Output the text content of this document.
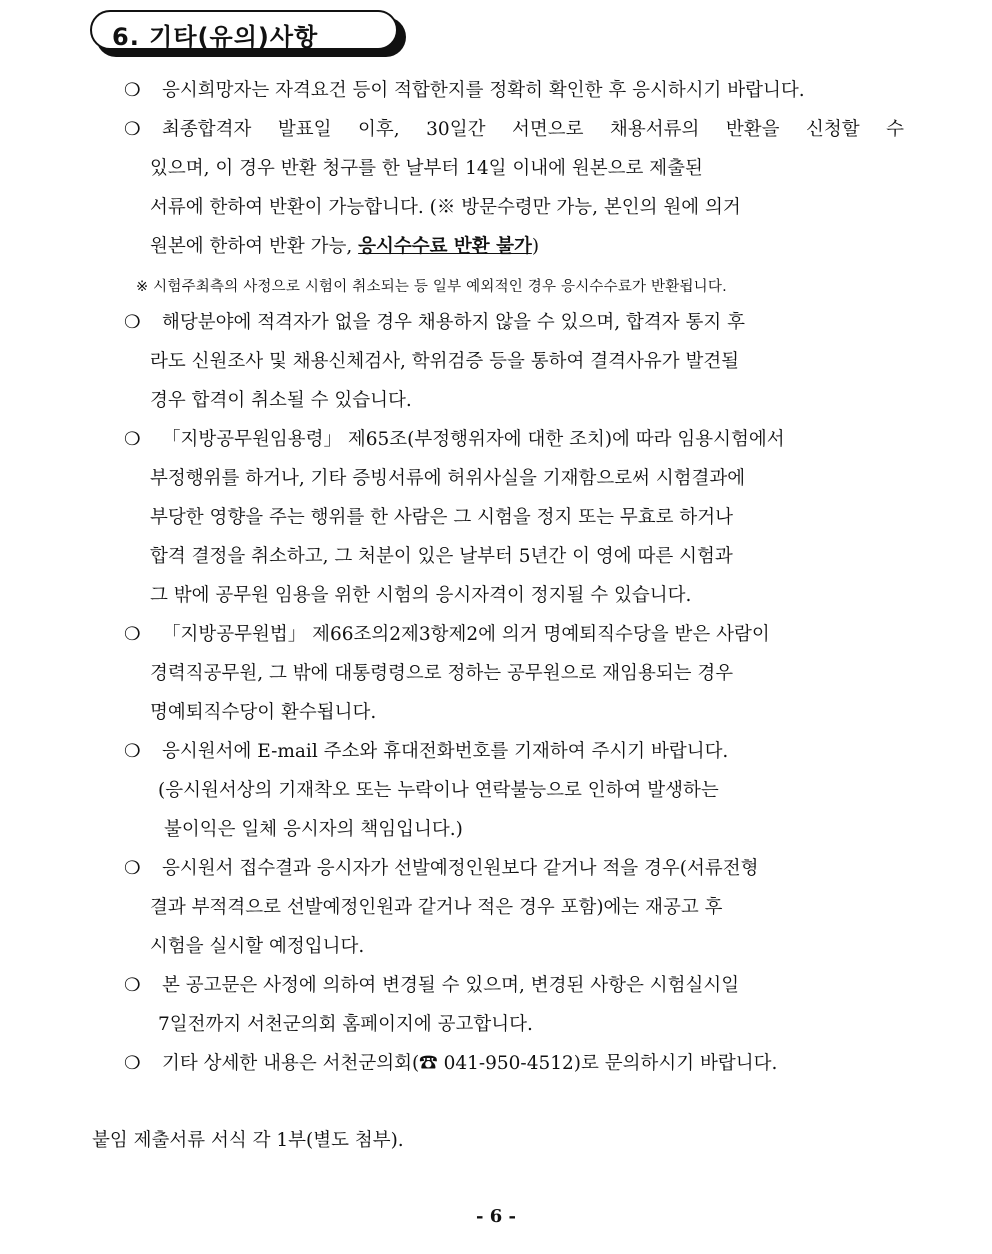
6. 기타(유의)사항
❍ 응시희망자는 자격요건 등이 적합한지를 정확히 확인한 후 응시하시기 바랍니다.
❍ 최종합격자 발표일 이후, 30일간 서면으로 채용서류의 반환을 신청할 수
있으며, 이 경우 반환 청구를 한 날부터 14일 이내에 원본으로 제출된
서류에 한하여 반환이 가능합니다. (※ 방문수령만 가능, 본인의 원에 의거
원본에 한하여 반환 가능, 응시수수료 반환 불가)
※ 시험주최측의 사정으로 시험이 취소되는 등 일부 예외적인 경우 응시수수료가 반환됩니다.
❍ 해당분야에 적격자가 없을 경우 채용하지 않을 수 있으며, 합격자 통지 후
라도 신원조사 및 채용신체검사, 학위검증 등을 통하여 결격사유가 발견될
경우 합격이 취소될 수 있습니다.
❍ 「지방공무원임용령」 제65조(부정행위자에 대한 조치)에 따라 임용시험에서
부정행위를 하거나, 기타 증빙서류에 허위사실을 기재함으로써 시험결과에
부당한 영향을 주는 행위를 한 사람은 그 시험을 정지 또는 무효로 하거나
합격 결정을 취소하고, 그 처분이 있은 날부터 5년간 이 영에 따른 시험과
그 밖에 공무원 임용을 위한 시험의 응시자격이 정지될 수 있습니다.
❍ 「지방공무원법」 제66조의2제3항제2에 의거 명예퇴직수당을 받은 사람이
경력직공무원, 그 밖에 대통령령으로 정하는 공무원으로 재임용되는 경우
명예퇴직수당이 환수됩니다.
❍ 응시원서에 E-mail 주소와 휴대전화번호를 기재하여 주시기 바랍니다.
(응시원서상의 기재착오 또는 누락이나 연락불능으로 인하여 발생하는
불이익은 일체 응시자의 책임입니다.)
❍ 응시원서 접수결과 응시자가 선발예정인원보다 같거나 적을 경우(서류전형
결과 부적격으로 선발예정인원과 같거나 적은 경우 포함)에는 재공고 후
시험을 실시할 예정입니다.
❍ 본 공고문은 사정에 의하여 변경될 수 있으며, 변경된 사항은 시험실시일
7일전까지 서천군의회 홈페이지에 공고합니다.
❍ 기타 상세한 내용은 서천군의회(☎ 041-950-4512)로 문의하시기 바랍니다.
붙임 제출서류 서식 각 1부(별도 첨부).
- 6 -
